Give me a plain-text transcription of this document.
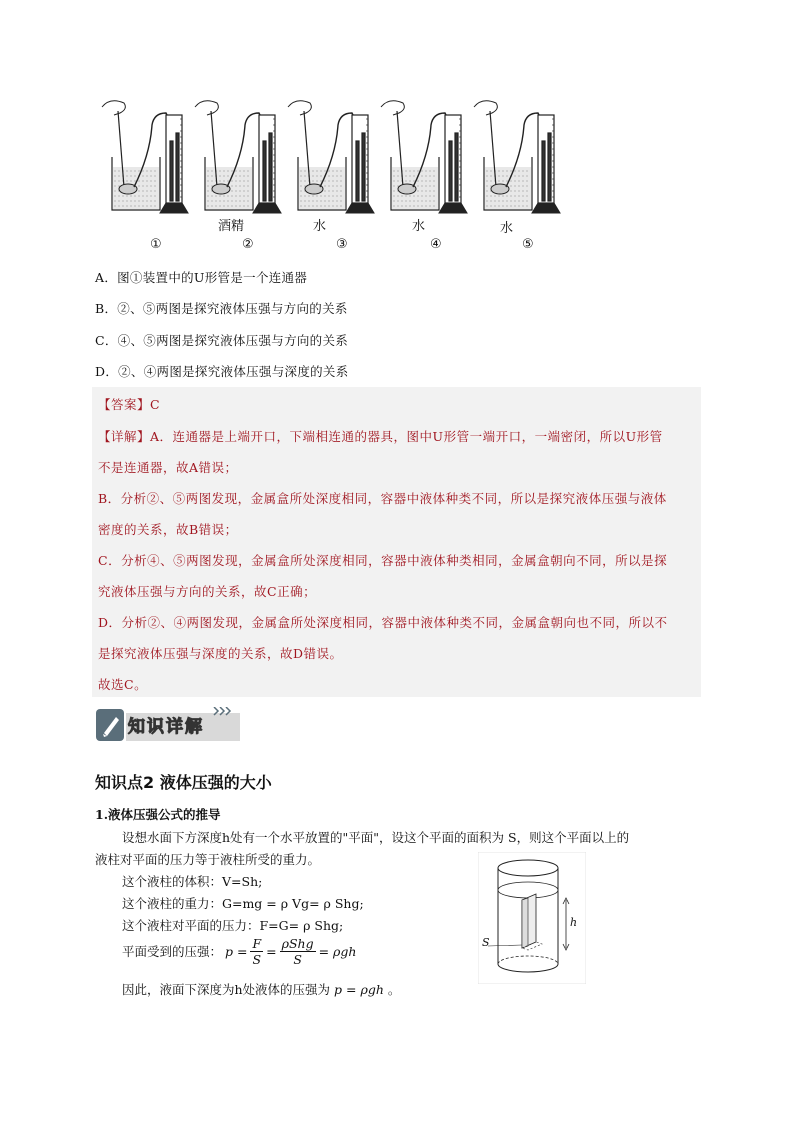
酒精	水	水	水
①	②	③	④	⑤
A．图①装置中的U形管是一个连通器
B．②、⑤两图是探究液体压强与方向的关系
C．④、⑤两图是探究液体压强与方向的关系
D．②、④两图是探究液体压强与深度的关系
【答案】C
【详解】A．连通器是上端开口，下端相连通的器具，图中U形管一端开口，一端密闭，所以U形管
不是连通器，故A错误；
B．分析②、⑤两图发现，金属盒所处深度相同，容器中液体种类不同，所以是探究液体压强与液体
密度的关系，故B错误；
C．分析④、⑤两图发现，金属盒所处深度相同，容器中液体种类相同，金属盒朝向不同，所以是探
究液体压强与方向的关系，故C正确；
D．分析②、④两图发现，金属盒所处深度相同，容器中液体种类不同，金属盒朝向也不同，所以不
是探究液体压强与深度的关系，故D错误。
故选C。
知识详解
知识点2 液体压强的大小
1.液体压强公式的推导
设想水面下方深度h处有一个水平放置的"平面"，设这个平面的面积为 S，则这个平面以上的
液柱对平面的压力等于液柱所受的重力。
这个液柱的体积：V=Sh;
这个液柱的重力：G=mg = ρ Vg= ρ Shg;
这个液柱对平面的压力：F=G= ρ Shg;
平面受到的压强： $p = \frac{F}{S} = \frac{\text{ρShg}}{S} = \rho gh$
因此，液面下深度为h处液体的压强为 p = ρgh 。
h
S
